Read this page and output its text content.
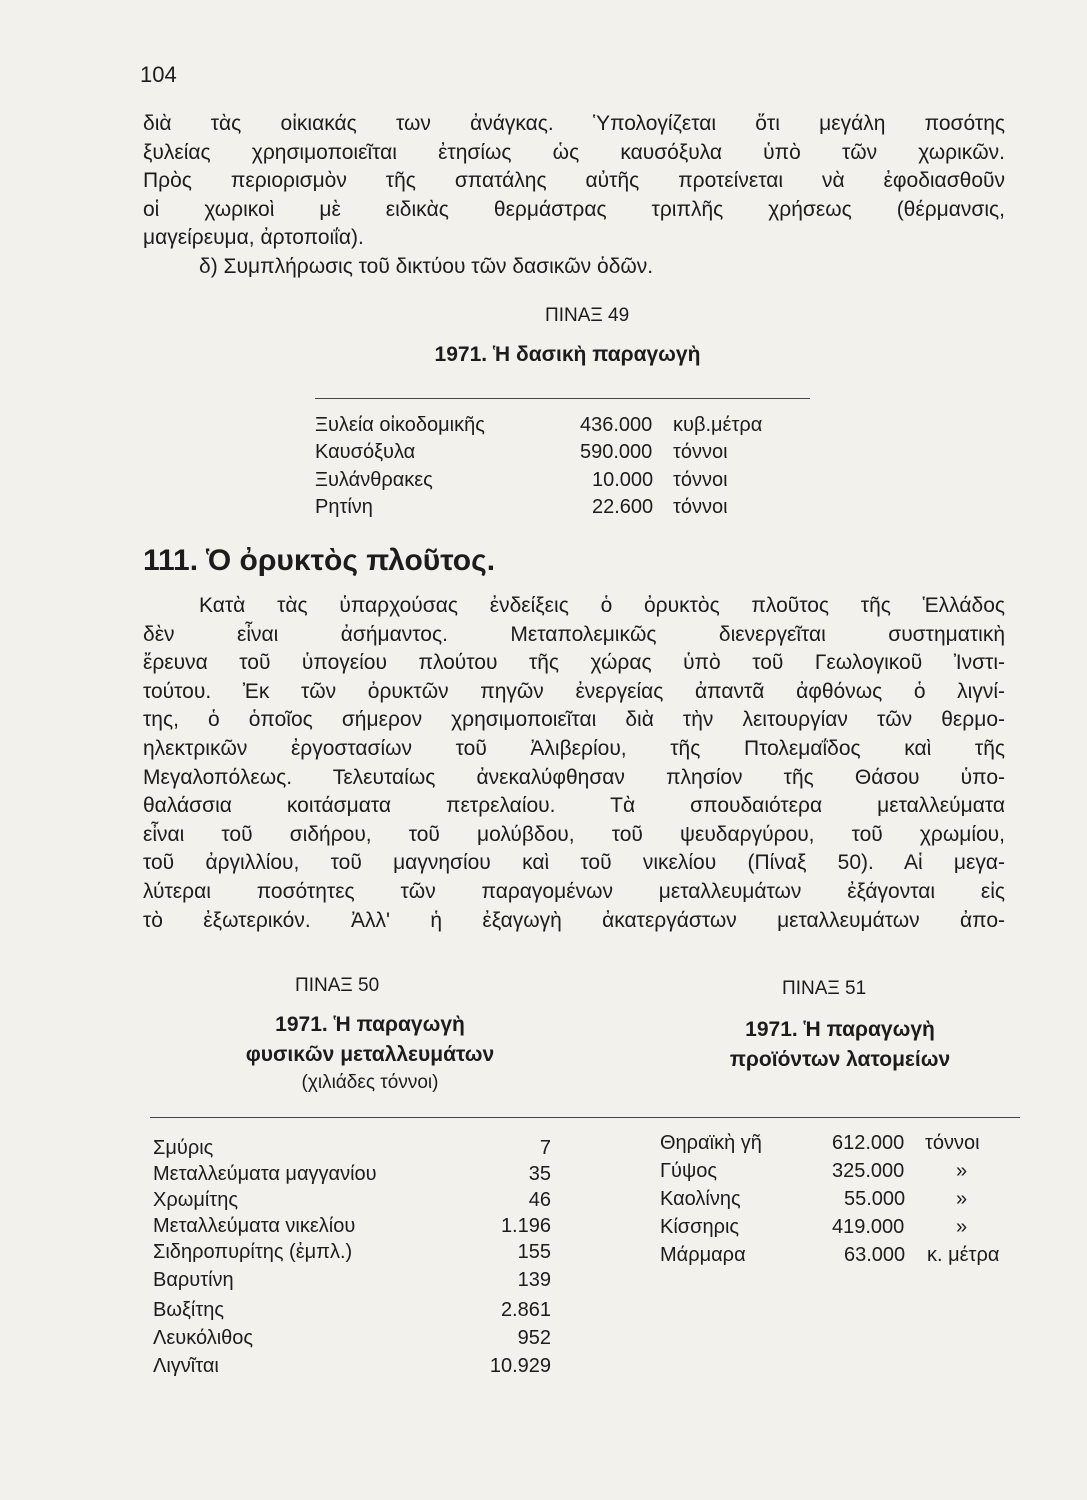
104
διὰ τὰς οἰκιακάς των ἀνάγκας. Ὑπολογίζεται ὅτι μεγάλη ποσότης
ξυλείας χρησιμοποιεῖται ἐτησίως ὡς καυσόξυλα ὑπὸ τῶν χωρικῶν.
Πρὸς περιορισμὸν τῆς σπατάλης αὐτῆς προτείνεται νὰ ἐφοδιασθοῦν
οἱ χωρικοὶ μὲ ειδικὰς θερμάστρας τριπλῆς χρήσεως (θέρμανσις,
μαγείρευμα, ἀρτοποιΐα).
δ) Συμπλήρωσις τοῦ δικτύου τῶν δασικῶν ὁδῶν.
ΠΙΝΑΞ 49
1971. Ἡ δασικὴ παραγωγὴ
Ξυλεία οἰκοδομικῆς	436.000 κυβ.μέτρα
Καυσόξυλα	590.000 τόννοι
Ξυλάνθρακες	10.000 τόννοι
Ρητίνη	22.600 τόννοι
111. Ὁ ὀρυκτὸς πλοῦτος.
Κατὰ τὰς ὑπαρχούσας ἐνδείξεις ὁ ὀρυκτὸς πλοῦτος τῆς Ἑλλάδος
δὲν εἶναι ἀσήμαντος. Μεταπολεμικῶς διενεργεῖται συστηματικὴ
ἔρευνα τοῦ ὑπογείου πλούτου τῆς χώρας ὑπὸ τοῦ Γεωλογικοῦ Ἰνστι-
τούτου. Ἐκ τῶν ὀρυκτῶν πηγῶν ἐνεργείας ἀπαντᾶ ἀφθόνως ὁ λιγνί-
της, ὁ ὁποῖος σήμερον χρησιμοποιεῖται διὰ τὴν λειτουργίαν τῶν θερμο-
ηλεκτρικῶν ἐργοστασίων τοῦ Ἀλιβερίου, τῆς Πτολεμαΐδος καὶ τῆς
Μεγαλοπόλεως. Τελευταίως ἀνεκαλύφθησαν πλησίον τῆς Θάσου ὑπο-
θαλάσσια κοιτάσματα πετρελαίου. Τὰ σπουδαιότερα μεταλλεύματα
εἶναι τοῦ σιδήρου, τοῦ μολύβδου, τοῦ ψευδαργύρου, τοῦ χρωμίου,
τοῦ ἀργιλλίου, τοῦ μαγνησίου καὶ τοῦ νικελίου (Πίναξ 50). Αἱ μεγα-
λύτεραι ποσότητες τῶν παραγομένων μεταλλευμάτων ἐξάγονται εἰς
τὸ ἐξωτερικόν. Ἀλλ' ἡ ἐξαγωγὴ ἀκατεργάστων μεταλλευμάτων ἀπο-
ΠΙΝΑΞ 50
1971. Ἡ παραγωγὴ
φυσικῶν μεταλλευμάτων
(χιλιάδες τόννοι)
Σμύρις	7
Μεταλλεύματα μαγγανίου	35
Χρωμίτης	46
Μεταλλεύματα νικελίου	1.196
Σιδηροπυρίτης (ἐμπλ.)	155
Βαρυτίνη	139
Βωξίτης	2.861
Λευκόλιθος	952
Λιγνῖται	10.929
ΠΙΝΑΞ 51
1971. Ἡ παραγωγὴ
προϊόντων λατομείων
Θηραϊκὴ γῆ	612.000 τόννοι
Γύψος	325.000	»
Καολίνης	55.000	»
Κίσσηρις	419.000	»
Μάρμαρα	63.000 κ. μέτρα
